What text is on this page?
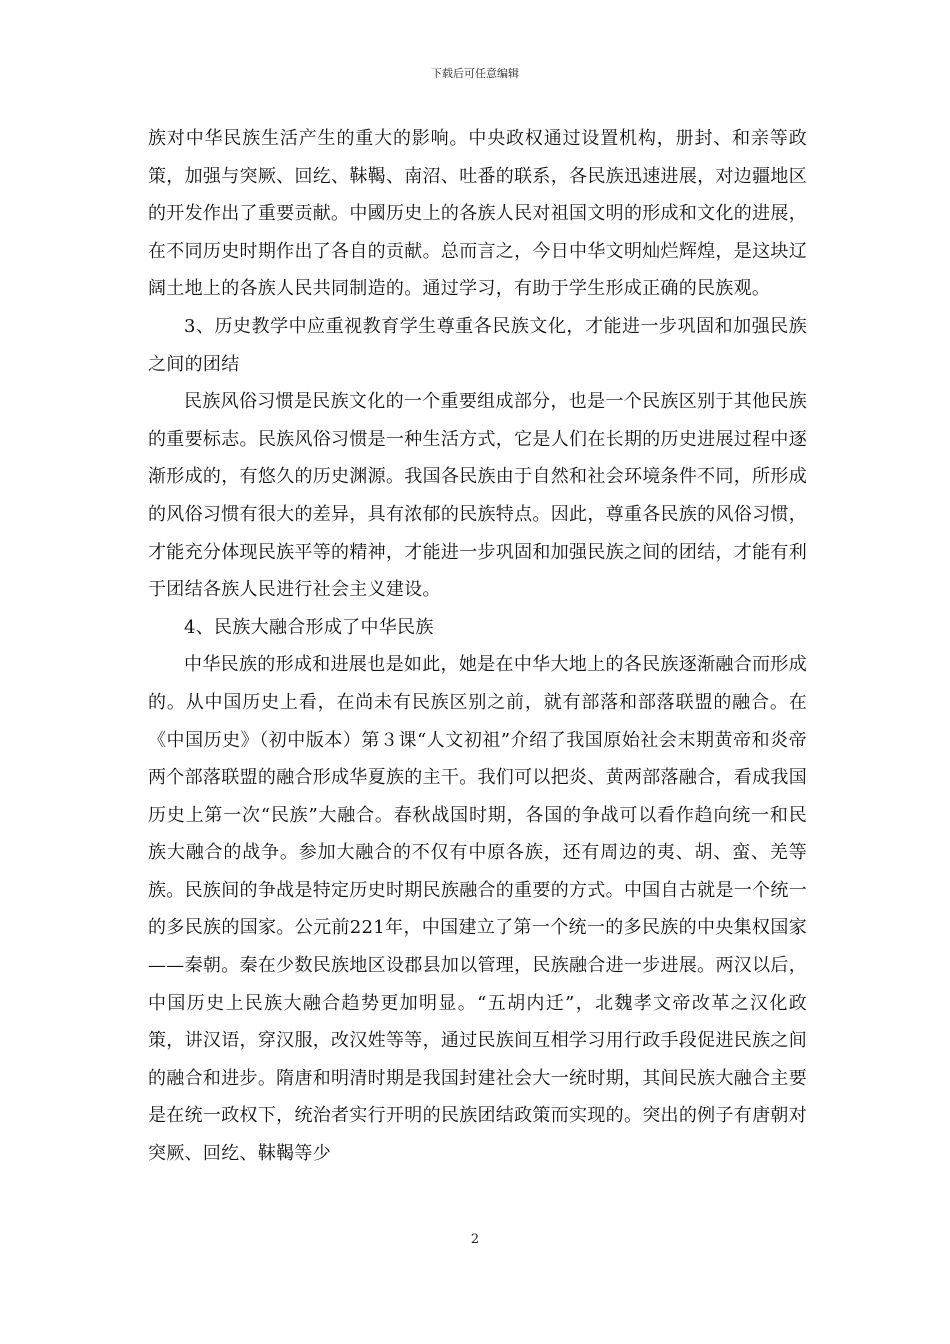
下载后可任意编辑

族对中华民族生活产生的重大的影响。中央政权通过设置机构，册封、和亲等政策，加强与突厥、回纥、靺鞨、南沼、吐番的联系，各民族迅速进展，对边疆地区的开发作出了重要贡献。中國历史上的各族人民对祖国文明的形成和文化的进展，在不同历史时期作出了各自的贡献。总而言之，今日中华文明灿烂辉煌，是这块辽阔土地上的各族人民共同制造的。通过学习，有助于学生形成正确的民族观。

3、历史教学中应重视教育学生尊重各民族文化，才能进一步巩固和加强民族之间的团结

民族风俗习惯是民族文化的一个重要组成部分，也是一个民族区别于其他民族的重要标志。民族风俗习惯是一种生活方式，它是人们在长期的历史进展过程中逐渐形成的，有悠久的历史渊源。我国各民族由于自然和社会环境条件不同，所形成的风俗习惯有很大的差异，具有浓郁的民族特点。因此，尊重各民族的风俗习惯，才能充分体现民族平等的精神，才能进一步巩固和加强民族之间的团结，才能有利于团结各族人民进行社会主义建设。

4、民族大融合形成了中华民族

中华民族的形成和进展也是如此，她是在中华大地上的各民族逐渐融合而形成的。从中国历史上看，在尚未有民族区别之前，就有部落和部落联盟的融合。在《中国历史》（初中版本）第３课“人文初祖”介绍了我国原始社会末期黄帝和炎帝两个部落联盟的融合形成华夏族的主干。我们可以把炎、黄两部落融合，看成我国历史上第一次“民族”大融合。春秋战国时期，各国的争战可以看作趋向统一和民族大融合的战争。参加大融合的不仅有中原各族，还有周边的夷、胡、蛮、羌等族。民族间的争战是特定历史时期民族融合的重要的方式。中国自古就是一个统一的多民族的国家。公元前221年，中国建立了第一个统一的多民族的中央集权国家——秦朝。秦在少数民族地区设郡县加以管理，民族融合进一步进展。两汉以后，中国历史上民族大融合趋势更加明显。“五胡内迁”，北魏孝文帝改革之汉化政策，讲汉语，穿汉服，改汉姓等等，通过民族间互相学习用行政手段促进民族之间的融合和进步。隋唐和明清时期是我国封建社会大一统时期，其间民族大融合主要是在统一政权下，统治者实行开明的民族团结政策而实现的。突出的例子有唐朝对突厥、回纥、靺鞨等少

2
